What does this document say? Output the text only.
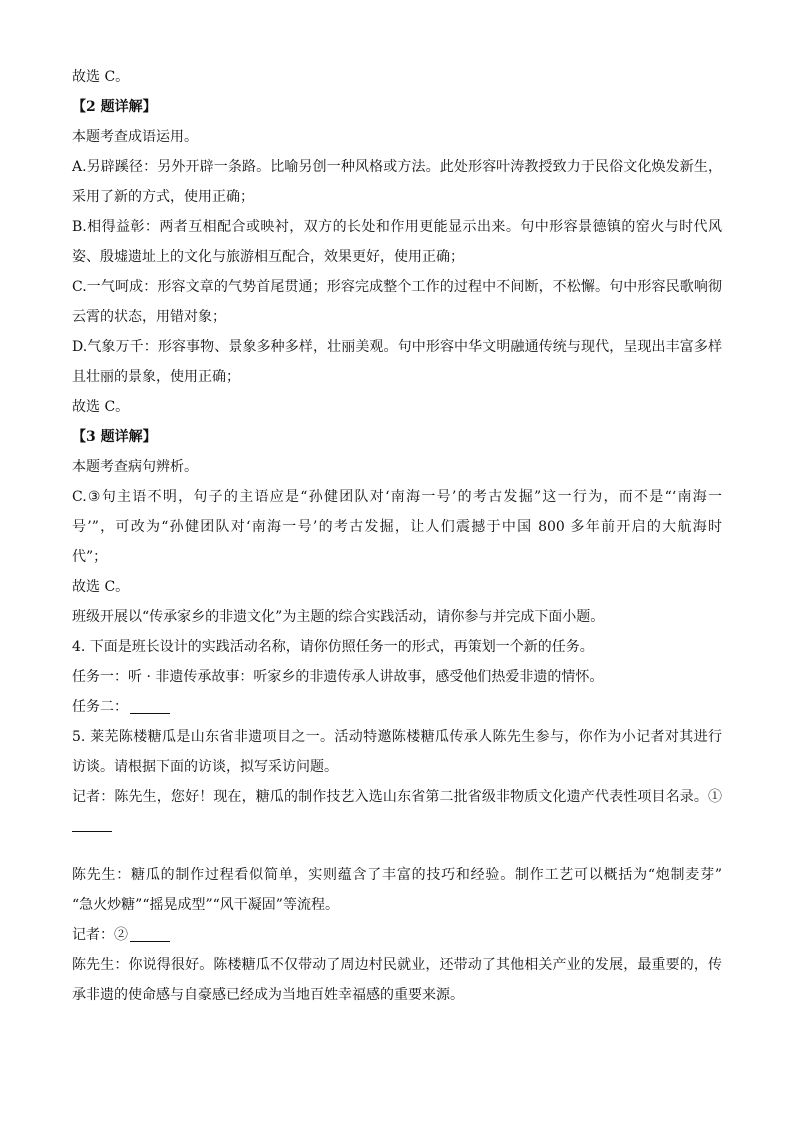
故选 C。
【2 题详解】
本题考查成语运用。
A.另辟蹊径：另外开辟一条路。比喻另创一种风格或方法。此处形容叶涛教授致力于民俗文化焕发新生，
采用了新的方式，使用正确；
B.相得益彰：两者互相配合或映衬，双方的长处和作用更能显示出来。句中形容景德镇的窑火与时代风
姿、殷墟遗址上的文化与旅游相互配合，效果更好，使用正确；
C.一气呵成：形容文章的气势首尾贯通；形容完成整个工作的过程中不间断，不松懈。句中形容民歌响彻
云霄的状态，用错对象；
D.气象万千：形容事物、景象多种多样，壮丽美观。句中形容中华文明融通传统与现代，呈现出丰富多样
且壮丽的景象，使用正确；
故选 C。
【3 题详解】
本题考查病句辨析。
C.③句主语不明，句子的主语应是“孙健团队对‘南海一号’的考古发掘”这一行为，而不是“‘南海一
号’”，可改为“孙健团队对‘南海一号’的考古发掘，让人们震撼于中国 800 多年前开启的大航海时
代”；
故选 C。
班级开展以“传承家乡的非遗文化”为主题的综合实践活动，请你参与并完成下面小题。
4. 下面是班长设计的实践活动名称，请你仿照任务一的形式，再策划一个新的任务。
任务一：听 · 非遗传承故事：听家乡的非遗传承人讲故事，感受他们热爱非遗的情怀。
任务二：
5. 莱芜陈楼糖瓜是山东省非遗项目之一。活动特邀陈楼糖瓜传承人陈先生参与，你作为小记者对其进行
访谈。请根据下面的访谈，拟写采访问题。
记者：陈先生，您好！现在，糖瓜的制作技艺入选山东省第二批省级非物质文化遗产代表性项目名录。①
陈先生：糖瓜的制作过程看似简单，实则蕴含了丰富的技巧和经验。制作工艺可以概括为“炮制麦芽”
“急火炒糖”“摇晃成型”“风干凝固”等流程。
记者：②
陈先生：你说得很好。陈楼糖瓜不仅带动了周边村民就业，还带动了其他相关产业的发展，最重要的，传
承非遗的使命感与自豪感已经成为当地百姓幸福感的重要来源。
